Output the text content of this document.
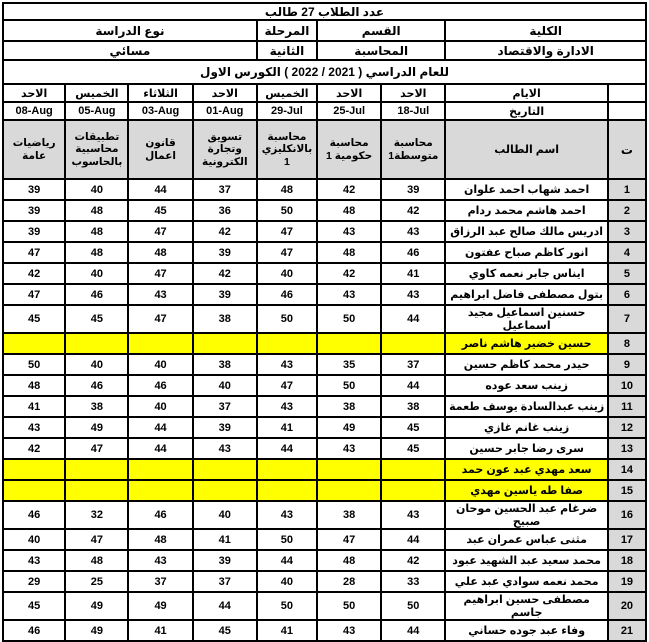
عدد الطلاب 27 طالب								
الكلية		القسم		المرحلة	نوع الدراسة			
الادارة والاقتصاد		المحاسبة		الثانية	مسائي			
للعام الدراسي ( 2021 / 2022 ) الكورس الاول								
	الايام	الاحد	الاحد	الخميس	الاحد	الثلاثاء	الخميس	الاحد
	التاريخ	18-Jul	25-Jul	29-Jul	01-Aug	03-Aug	05-Aug	08-Aug
ت	اسم الطالب	محاسبة متوسطة1	محاسبة حكومية 1	محاسبة بالانكليزي 1	تسويق وتجارة الكترونية	قانون اعمال	تطبيقات محاسبية بالحاسوب	رياضيات عامة
1	احمد شهاب احمد علوان	39	42	48	37	44	40	39
2	احمد هاشم محمد ردام	42	48	50	36	45	48	39
3	ادريس مالك صالح عبد الرزاق	43	43	47	42	47	48	39
4	انور كاظم صباح عفتون	46	48	47	39	48	48	47
5	ايناس جابر نعمه كاوي	41	42	40	42	47	40	42
6	بتول مصطفى فاضل ابراهيم	43	43	46	39	43	46	47
7	حسنين اسماعيل مجيد اسماعيل	44	50	50	38	47	45	45
8	حسين خضير هاشم ناصر							
9	حيدر محمد كاظم حسين	37	35	43	38	40	40	50
10	زينب سعد عوده	44	50	47	40	46	46	48
11	زينب عبدالسادة يوسف طعمة	38	38	43	37	40	38	41
12	زينب غانم غازي	45	49	41	39	44	49	43
13	سرى رضا جابر حسين	45	43	44	43	44	47	42
14	سعد مهدي عبد عون حمد							
15	صفا طه ياسين مهدي							
16	ضرغام عبد الحسين موحان صبيح	43	38	43	40	46	32	46
17	مثنى عباس عمران عبد	44	47	50	41	48	47	40
18	محمد سعيد عبد الشهيد عبود	42	48	44	39	43	48	43
19	محمد نعمه سوادي عبد علي	33	28	40	37	37	25	29
20	مصطفى حسين ابراهيم جاسم	50	50	50	44	49	49	45
21	وفاء عبد جوده حساني	44	43	41	45	41	49	46
